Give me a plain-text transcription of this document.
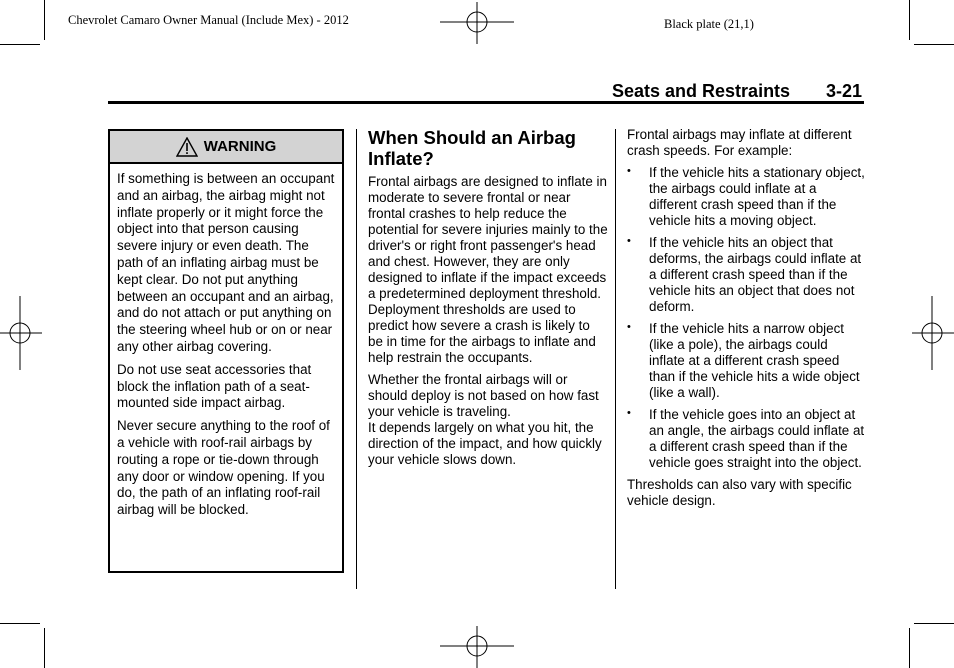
Chevrolet Camaro Owner Manual (Include Mex) - 2012	Black plate (21,1)
Seats and Restraints 3-21
WARNING

If something is between an occupant and an airbag, the airbag might not inflate properly or it might force the object into that person causing severe injury or even death. The path of an inflating airbag must be kept clear. Do not put anything between an occupant and an airbag, and do not attach or put anything on the steering wheel hub or on or near any other airbag covering.

Do not use seat accessories that block the inflation path of a seat-mounted side impact airbag.

Never secure anything to the roof of a vehicle with roof-rail airbags by routing a rope or tie-down through any door or window opening. If you do, the path of an inflating roof-rail airbag will be blocked.

When Should an Airbag Inflate?

Frontal airbags are designed to inflate in moderate to severe frontal or near frontal crashes to help reduce the potential for severe injuries mainly to the driver's or right front passenger's head and chest. However, they are only designed to inflate if the impact exceeds a predetermined deployment threshold. Deployment thresholds are used to predict how severe a crash is likely to be in time for the airbags to inflate and help restrain the occupants.

Whether the frontal airbags will or should deploy is not based on how fast your vehicle is traveling.

It depends largely on what you hit, the direction of the impact, and how quickly your vehicle slows down.

Frontal airbags may inflate at different crash speeds. For example:

• If the vehicle hits a stationary object, the airbags could inflate at a different crash speed than if the vehicle hits a moving object.
• If the vehicle hits an object that deforms, the airbags could inflate at a different crash speed than if the vehicle hits an object that does not deform.
• If the vehicle hits a narrow object (like a pole), the airbags could inflate at a different crash speed than if the vehicle hits a wide object (like a wall).
• If the vehicle goes into an object at an angle, the airbags could inflate at a different crash speed than if the vehicle goes straight into the object.

Thresholds can also vary with specific vehicle design.
